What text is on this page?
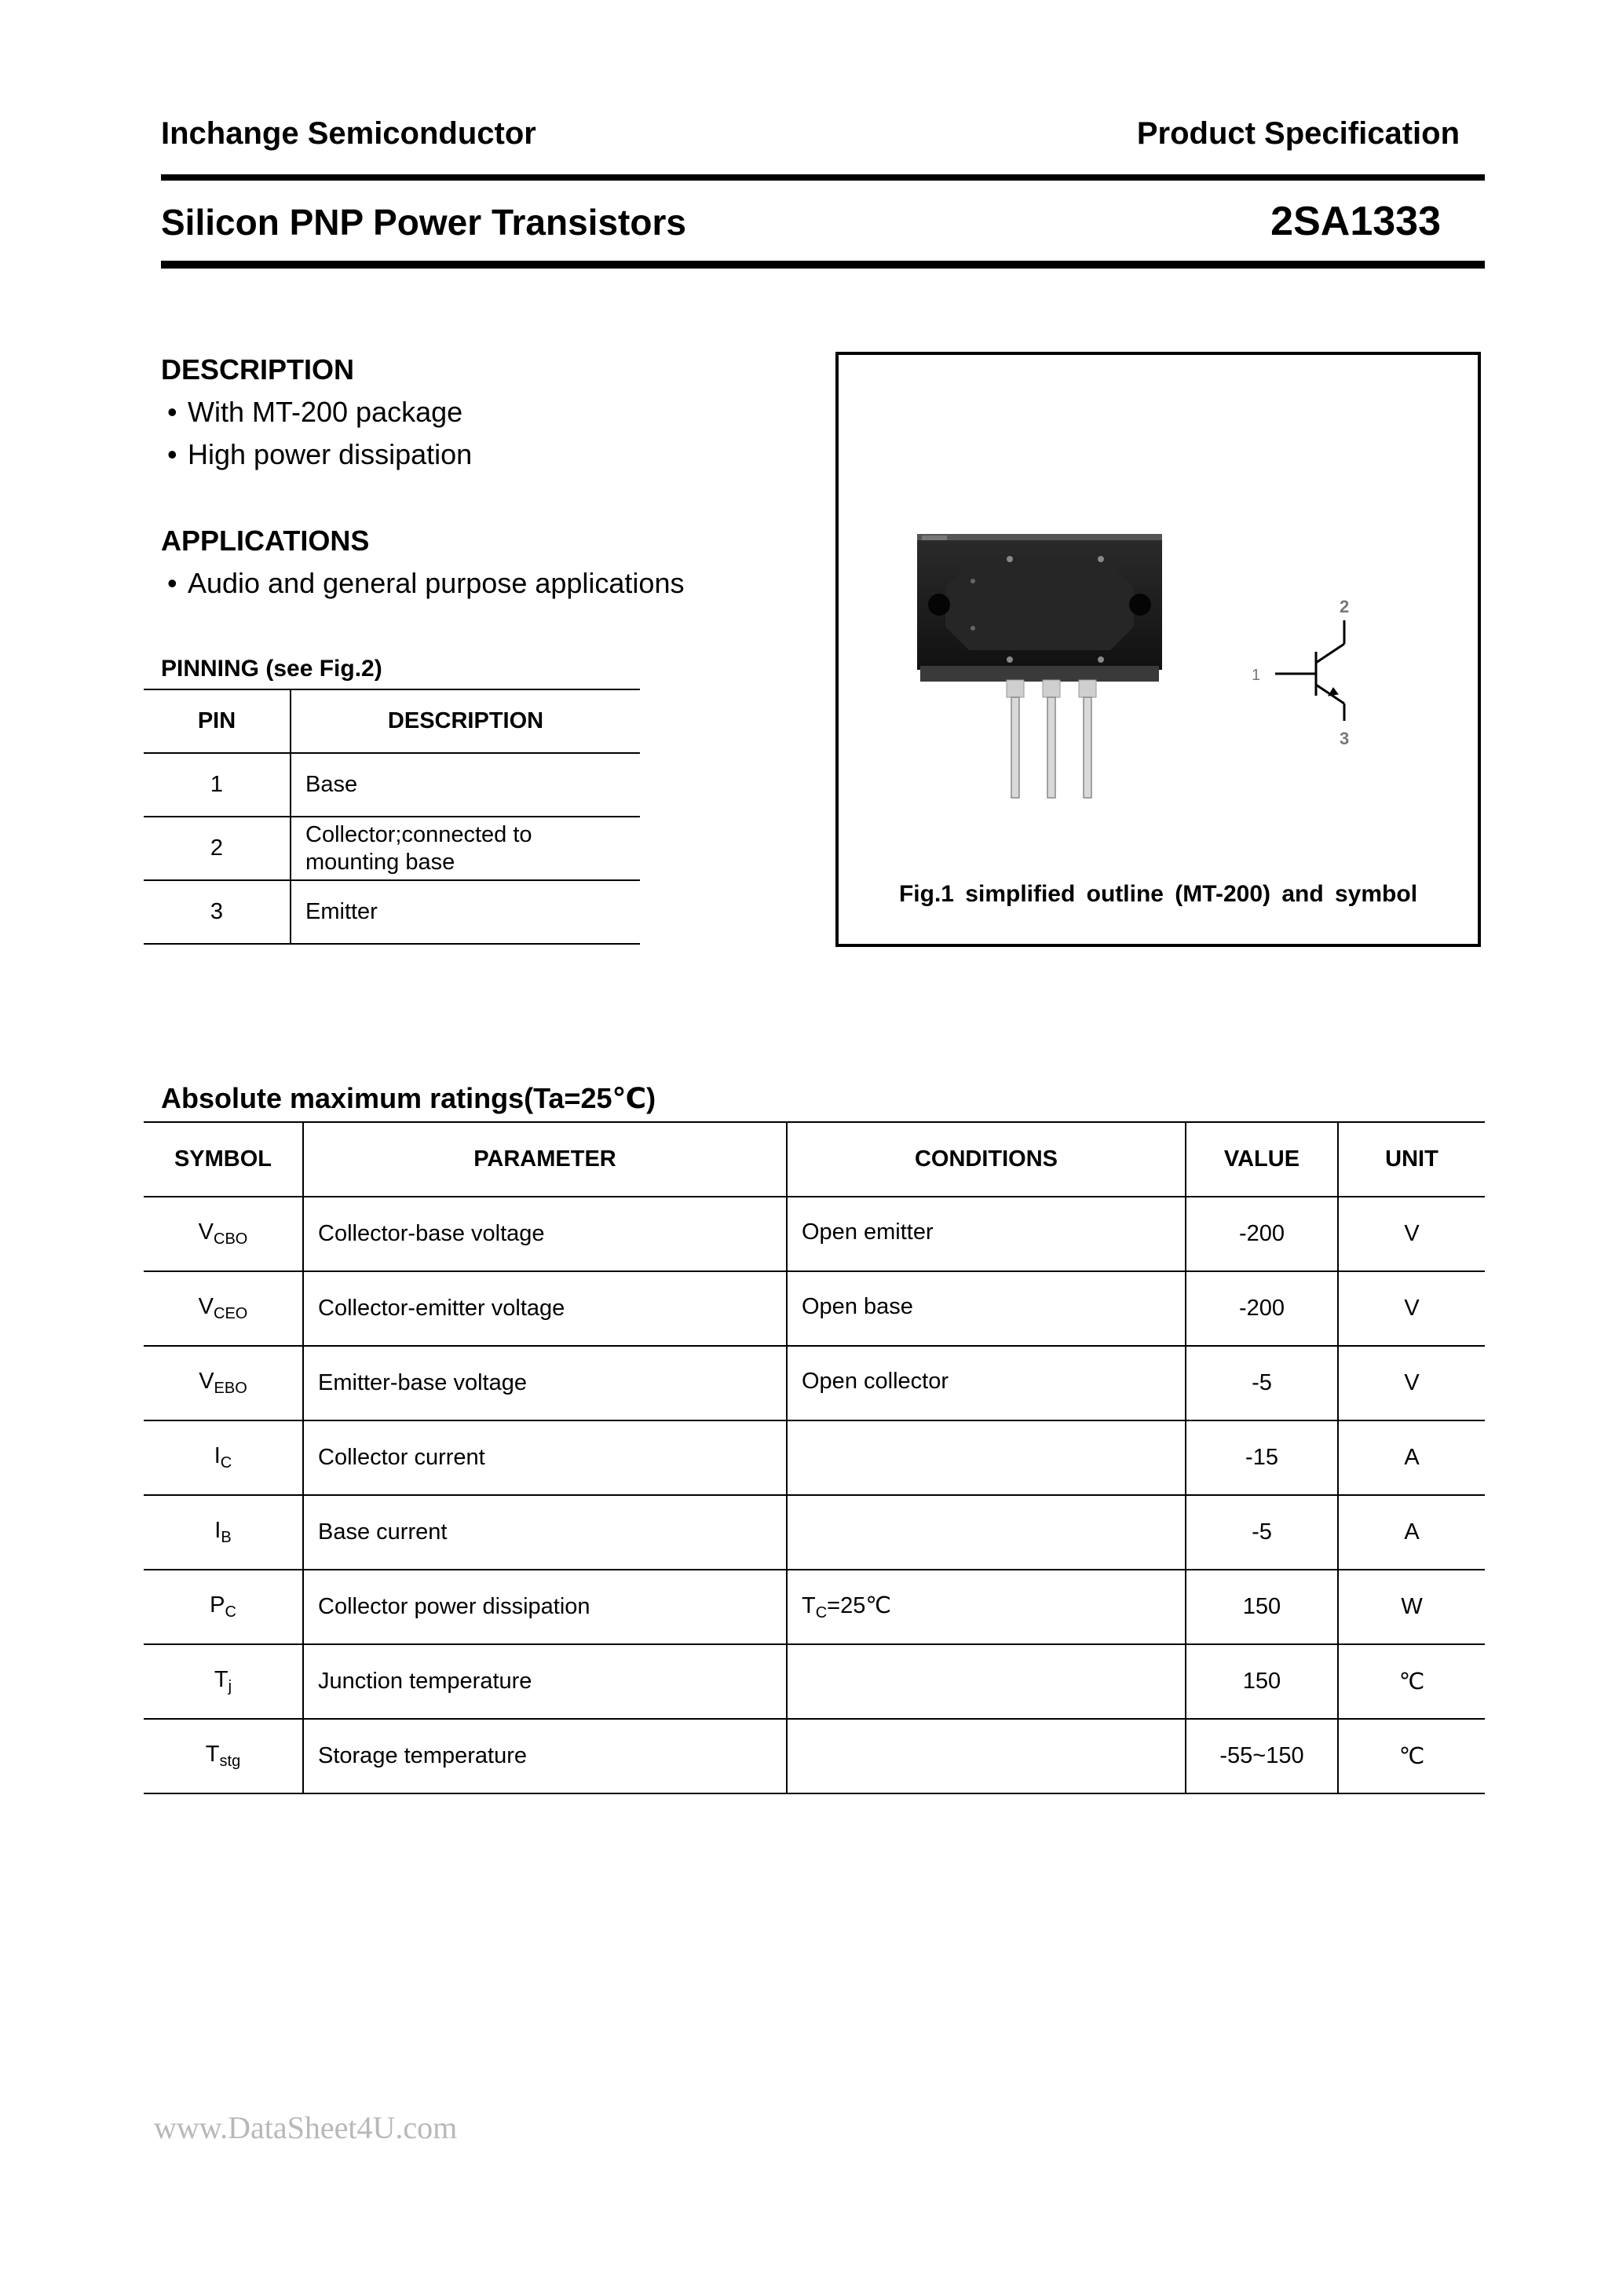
Inchange Semiconductor	Product Specification
Silicon PNP Power Transistors	2SA1333
DESCRIPTION
• With MT-200 package
• High power dissipation
APPLICATIONS
• Audio and general purpose applications
PINNING (see Fig.2)
PIN	DESCRIPTION
1	Base
2	Collector;connected to mounting base
3	Emitter
1
2
3
Fig.1 simplified outline (MT-200) and symbol
Absolute maximum ratings(Ta=25℃)
SYMBOL	PARAMETER	CONDITIONS	VALUE	UNIT
$V_{CBO}$	Collector-base voltage	Open emitter	-200	V
$V_{CEO}$	Collector-emitter voltage	Open base	-200	V
$V_{EBO}$	Emitter-base voltage	Open collector	-5	V
$I_C$	Collector current		-15	A
$I_B$	Base current		-5	A
$P_C$	Collector power dissipation	$T_C=25℃$	150	W
$T_j$	Junction temperature		150	℃
$T_{stg}$	Storage temperature		-55~150	℃
www.DataSheet4U.com
